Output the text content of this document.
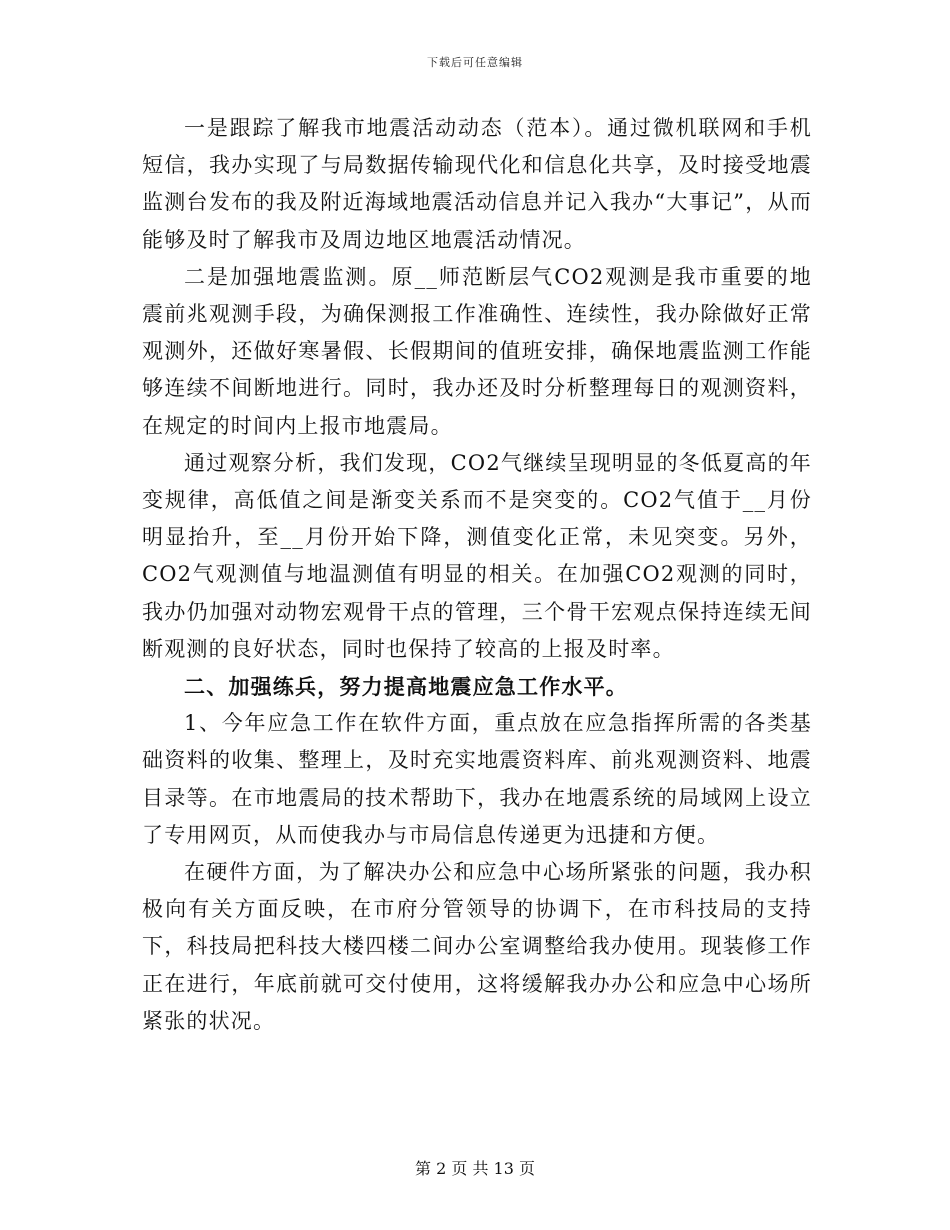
下载后可任意编辑

一是跟踪了解我市地震活动动态（范本）。通过微机联网和手机短信，我办实现了与局数据传输现代化和信息化共享，及时接受地震监测台发布的我及附近海域地震活动信息并记入我办“大事记”，从而能够及时了解我市及周边地区地震活动情况。

二是加强地震监测。原__师范断层气CO2观测是我市重要的地震前兆观测手段，为确保测报工作准确性、连续性，我办除做好正常观测外，还做好寒暑假、长假期间的值班安排，确保地震监测工作能够连续不间断地进行。同时，我办还及时分析整理每日的观测资料，在规定的时间内上报市地震局。

通过观察分析，我们发现，CO2气继续呈现明显的冬低夏高的年变规律，高低值之间是渐变关系而不是突变的。CO2气值于__月份明显抬升，至__月份开始下降，测值变化正常，未见突变。另外，CO2气观测值与地温测值有明显的相关。在加强CO2观测的同时，我办仍加强对动物宏观骨干点的管理，三个骨干宏观点保持连续无间断观测的良好状态，同时也保持了较高的上报及时率。

二、加强练兵，努力提高地震应急工作水平。

1、今年应急工作在软件方面，重点放在应急指挥所需的各类基础资料的收集、整理上，及时充实地震资料库、前兆观测资料、地震目录等。在市地震局的技术帮助下，我办在地震系统的局域网上设立了专用网页，从而使我办与市局信息传递更为迅捷和方便。

在硬件方面，为了解决办公和应急中心场所紧张的问题，我办积极向有关方面反映，在市府分管领导的协调下，在市科技局的支持下，科技局把科技大楼四楼二间办公室调整给我办使用。现装修工作正在进行，年底前就可交付使用，这将缓解我办办公和应急中心场所紧张的状况。

第 2 页 共 13 页
